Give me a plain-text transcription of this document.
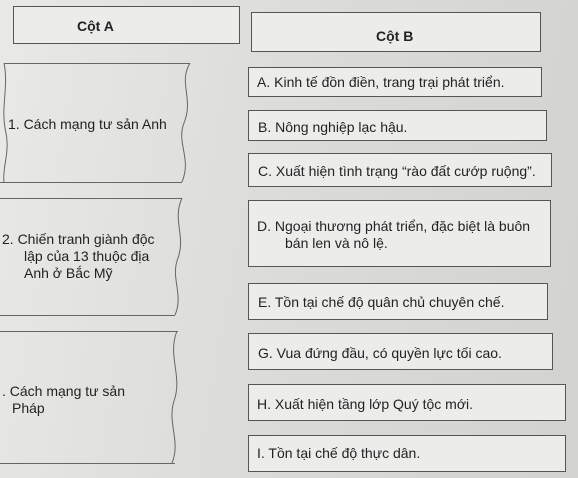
Cột A
Cột B
1. Cách mạng tư sản Anh
2. Chiến tranh giành độc
lập của 13 thuộc địa
Anh ở Bắc Mỹ
. Cách mạng tư sản
Pháp
A. Kinh tế đồn điền, trang trại phát triển.
B. Nông nghiệp lạc hậu.
C. Xuất hiện tình trạng “rào đất cướp ruộng”.
D. Ngoại thương phát triển, đặc biệt là buôn
bán len và nô lệ.
E. Tồn tại chế độ quân chủ chuyên chế.
G. Vua đứng đầu, có quyền lực tối cao.
H. Xuất hiện tầng lớp Quý tộc mới.
I. Tồn tại chế độ thực dân.
